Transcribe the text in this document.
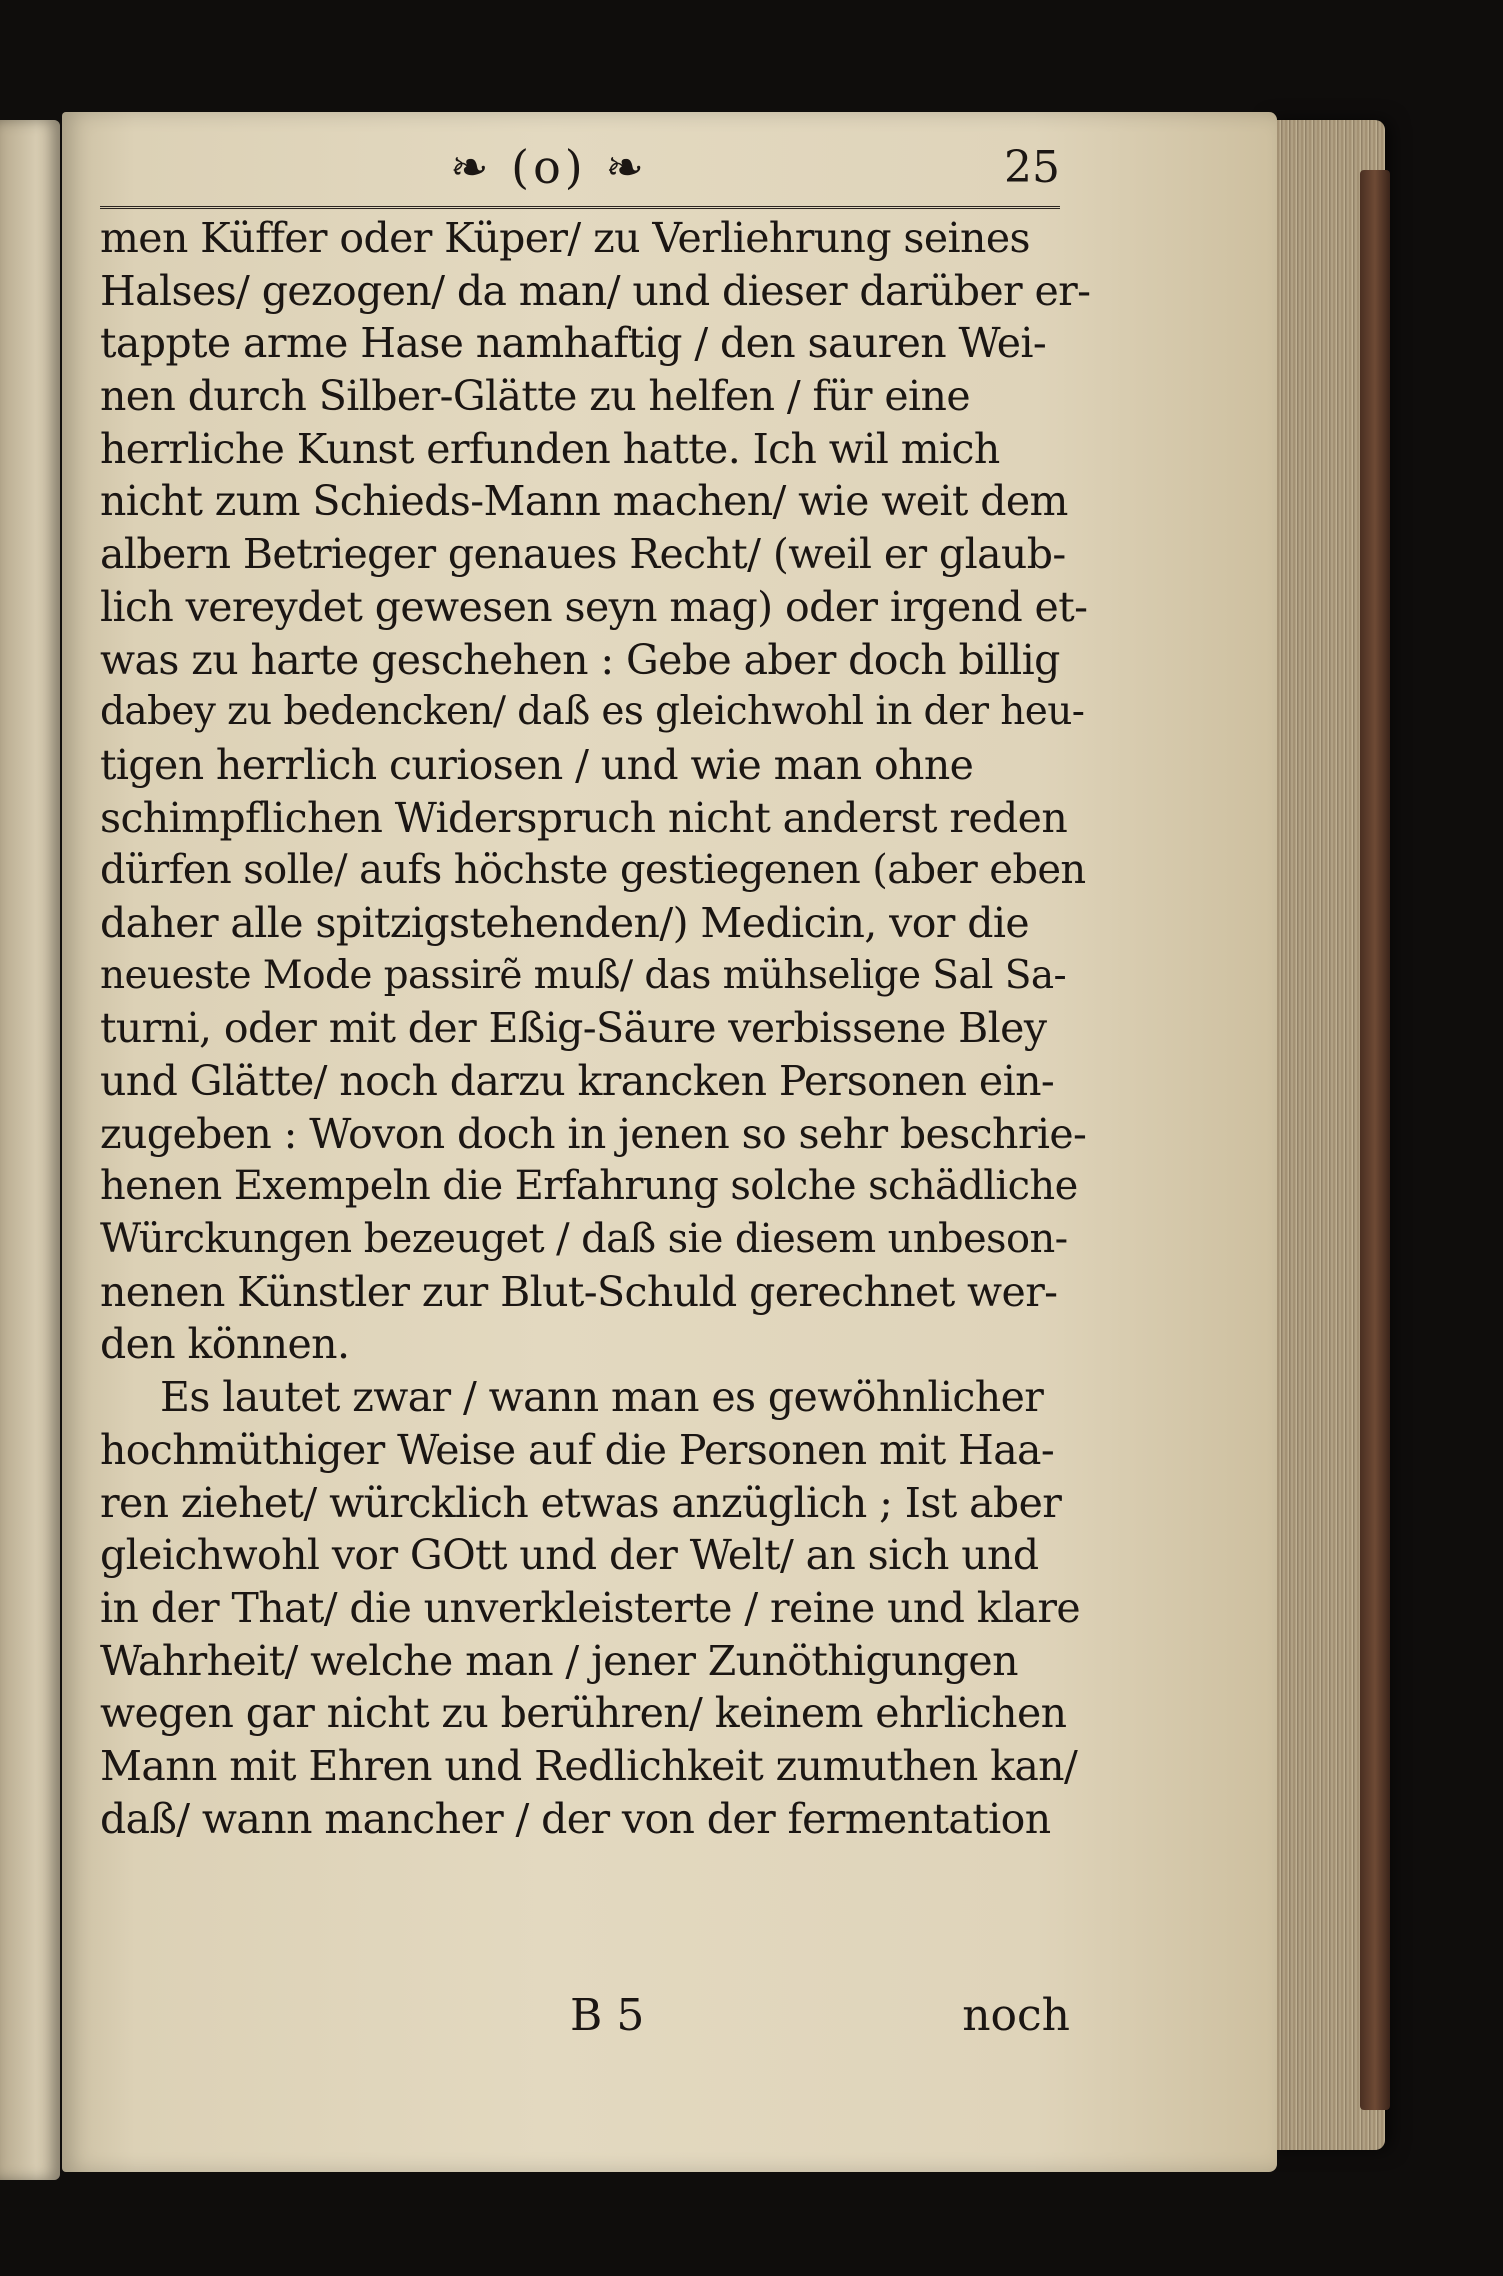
❧ (o) ❧	25
men Küffer oder Küper/ zu Verliehrung seines
Halses/ gezogen/ da man/ und dieser darüber er-
tappte arme Hase namhaftig / den sauren Wei-
nen durch Silber-Glätte zu helfen / für eine
herrliche Kunst erfunden hatte. Ich wil mich
nicht zum Schieds-Mann machen/ wie weit dem
albern Betrieger genaues Recht/ (weil er glaub-
lich vereydet gewesen seyn mag) oder irgend et-
was zu harte geschehen : Gebe aber doch billig
dabey zu bedencken/ daß es gleichwohl in der heu-
tigen herrlich curiosen / und wie man ohne
schimpflichen Widerspruch nicht anderst reden
dürfen solle/ aufs höchste gestiegenen (aber eben
daher alle spitzigstehenden/) Medicin, vor die
neueste Mode passirẽ muß/ das mühselige Sal Sa-
turni, oder mit der Eßig-Säure verbissene Bley
und Glätte/ noch darzu krancken Personen ein-
zugeben : Wovon doch in jenen so sehr beschrie-
henen Exempeln die Erfahrung solche schädliche
Würckungen bezeuget / daß sie diesem unbeson-
nenen Künstler zur Blut-Schuld gerechnet wer-
den können.
Es lautet zwar / wann man es gewöhnlicher
hochmüthiger Weise auf die Personen mit Haa-
ren ziehet/ würcklich etwas anzüglich ; Ist aber
gleichwohl vor GOtt und der Welt/ an sich und
in der That/ die unverkleisterte / reine und klare
Wahrheit/ welche man / jener Zunöthigungen
wegen gar nicht zu berühren/ keinem ehrlichen
Mann mit Ehren und Redlichkeit zumuthen kan/
daß/ wann mancher / der von der fermentation
B 5	noch
